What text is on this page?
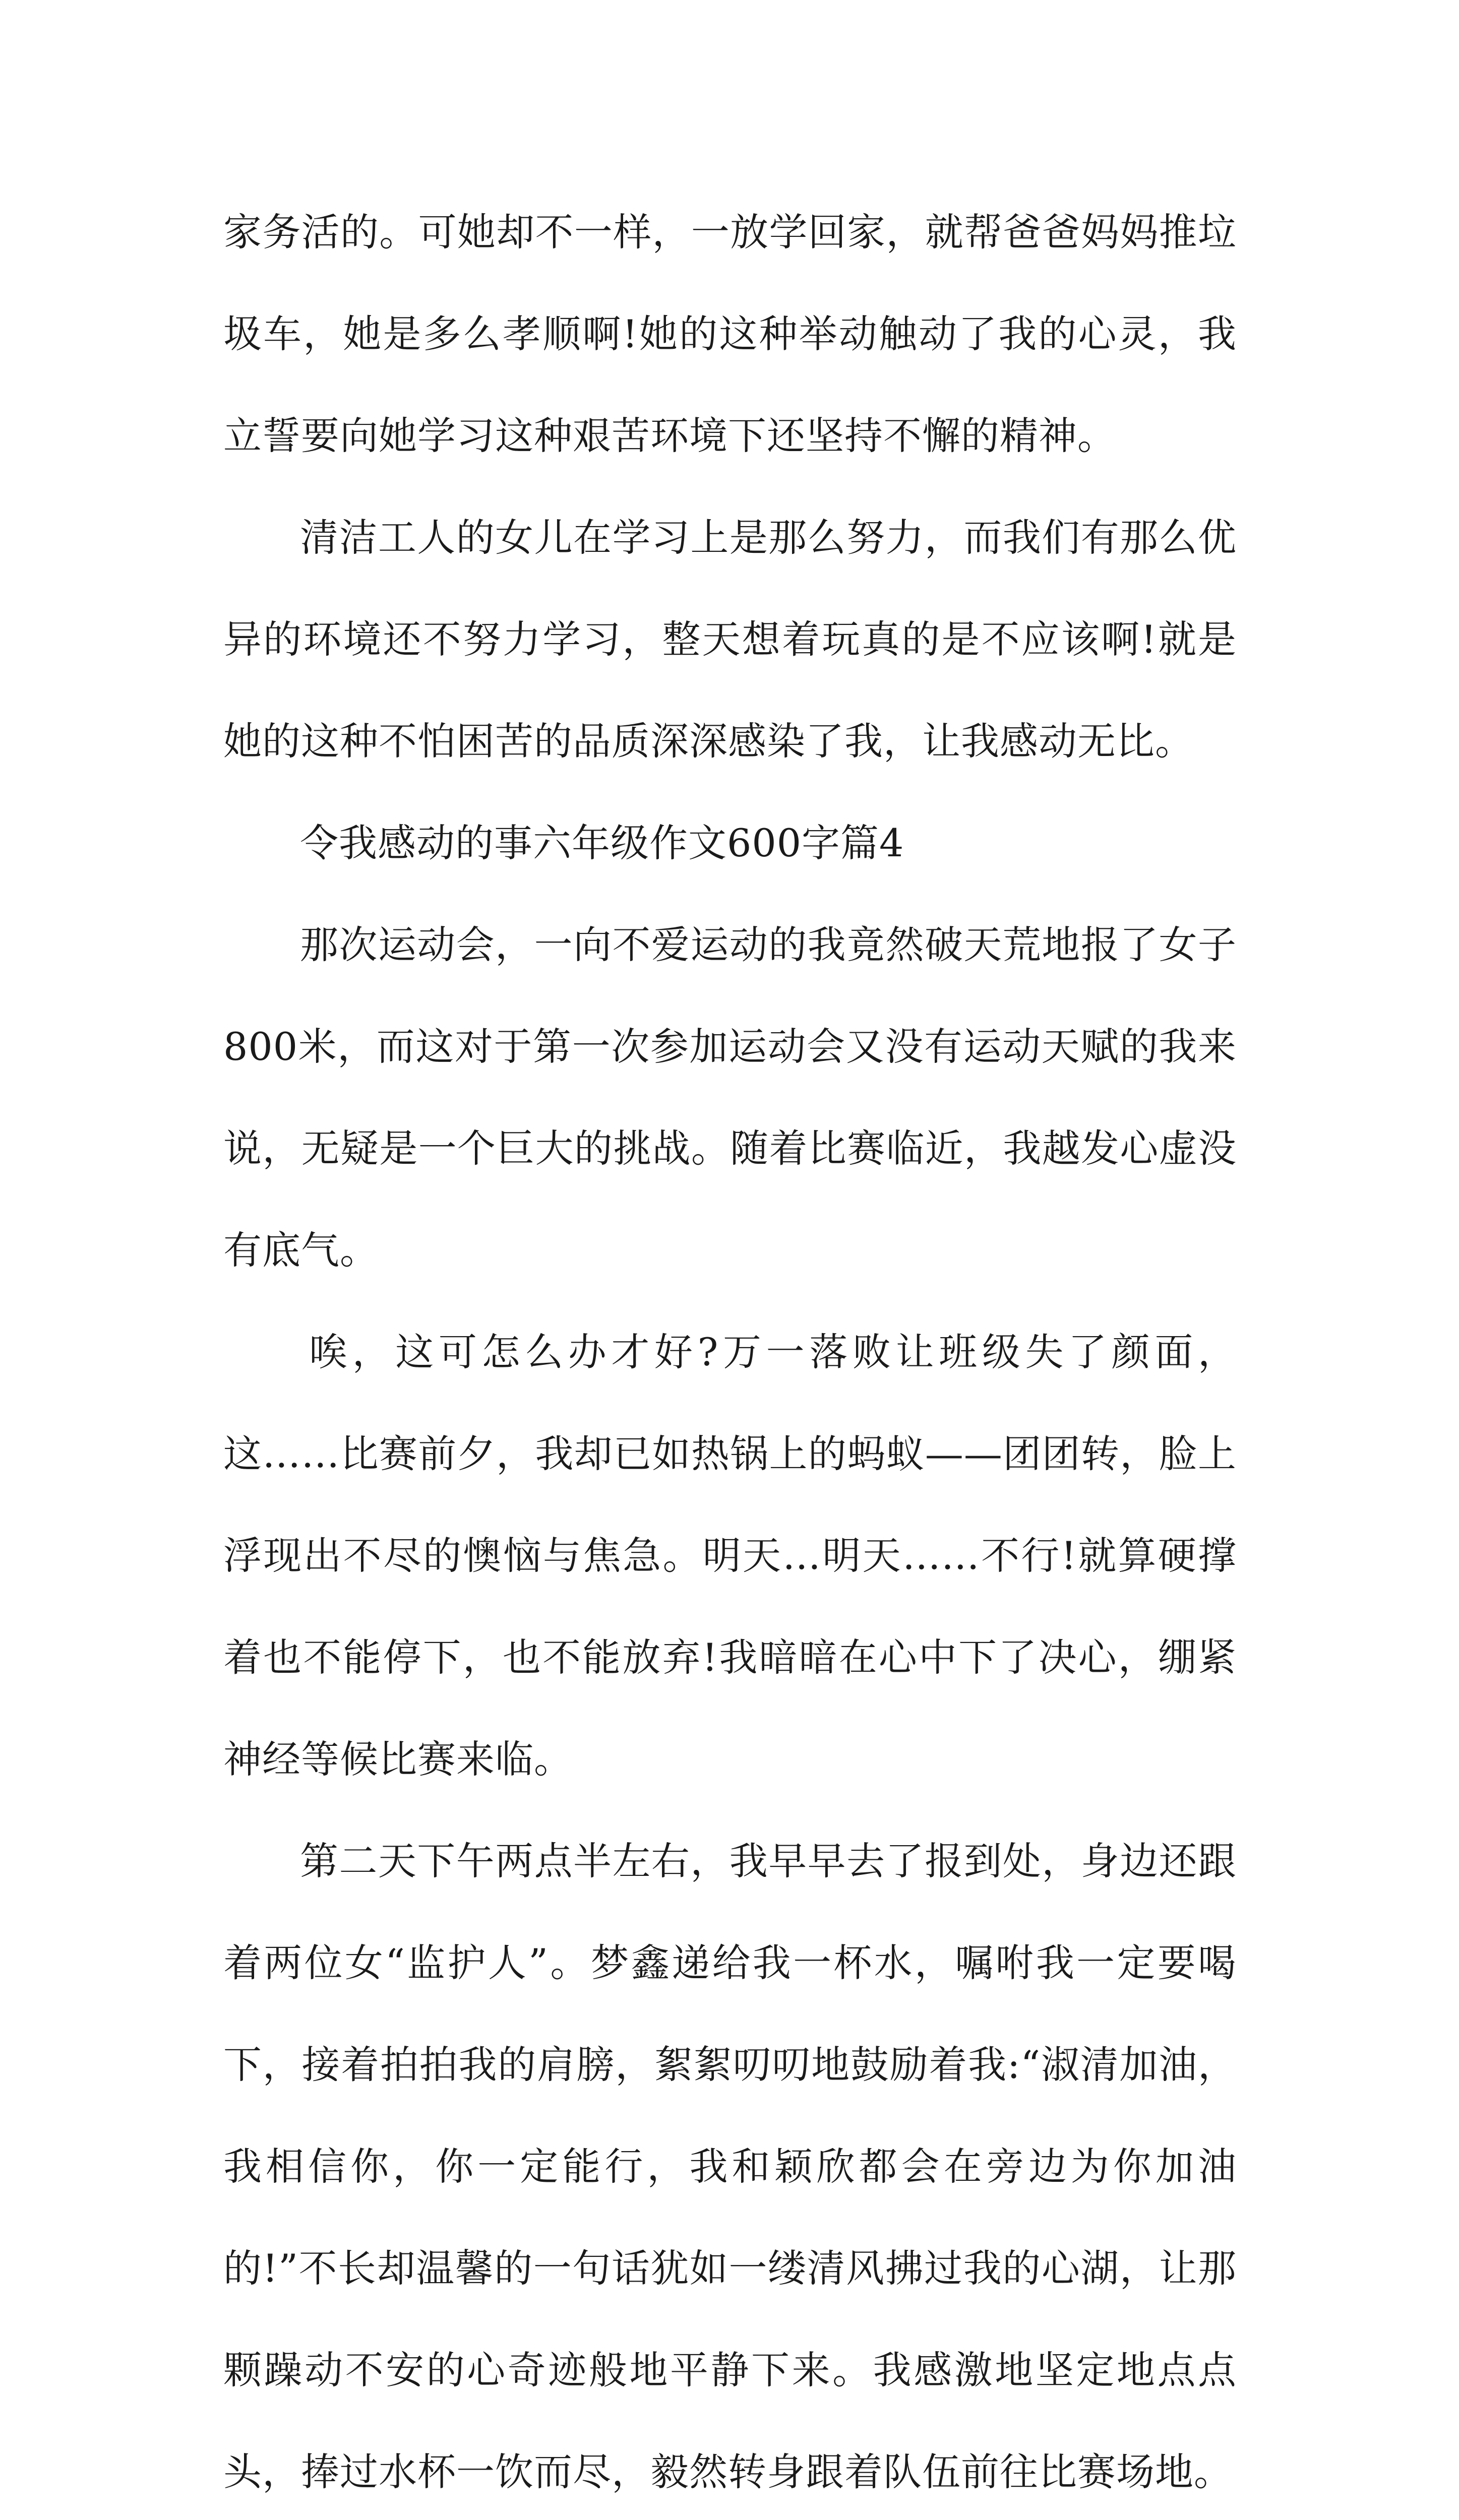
家务活的。可她却不一样，一放学回家，就帮爸爸妈妈推垃圾车，她是多么孝顺啊!她的这种举动触动了我的心灵，我立誓要向她学习这种艰苦环境下还坚持不懈的精神。

清洁工人的女儿在学习上是那么努力，而我们有那么优异的环境还不努力学习，整天想着玩真的是不应该啊!就是她的这种不怕困苦的品质深深感染了我，让我感动无比。

令我感动的事六年级作文600字篇4

那次运动会，一向不爱运动的我竟然破天荒地报了女子800米，而这对于第一次参加运动会又没有运动天赋的我来说，无疑是一个巨大的挑战。随着比赛临近，我越发心虚没有底气。

唉，这可怎么办才好?万一落败让班级失了颜面，这……比赛前夕，我却已如热锅上的蚂蚁——团团转，脸上浮现出不尽的懊恼与焦急。明天…明天……不行!就算硬撑着也不能停下，也不能放弃!我暗暗在心中下了决心，绷紧神经等候比赛来临。

第二天下午两点半左右，我早早去了报到处，身边还跟着两位女“监护人”。梦鑫递给我一杯水，嘱咐我一定要喝下，接着拍拍我的肩膀，絮絮叨叨地鼓励着我:“淑清加油，我相信你，你一定能行，我和颖欣都会在旁边为你加油的!”不长却温馨的一句话犹如一缕清风拂过我的心湖，让那颗躁动不安的心奇迹般地平静下来。我感激地坚定地点点头，捧过水杯一饮而尽，毅然转身跟着队伍前往比赛场地。
